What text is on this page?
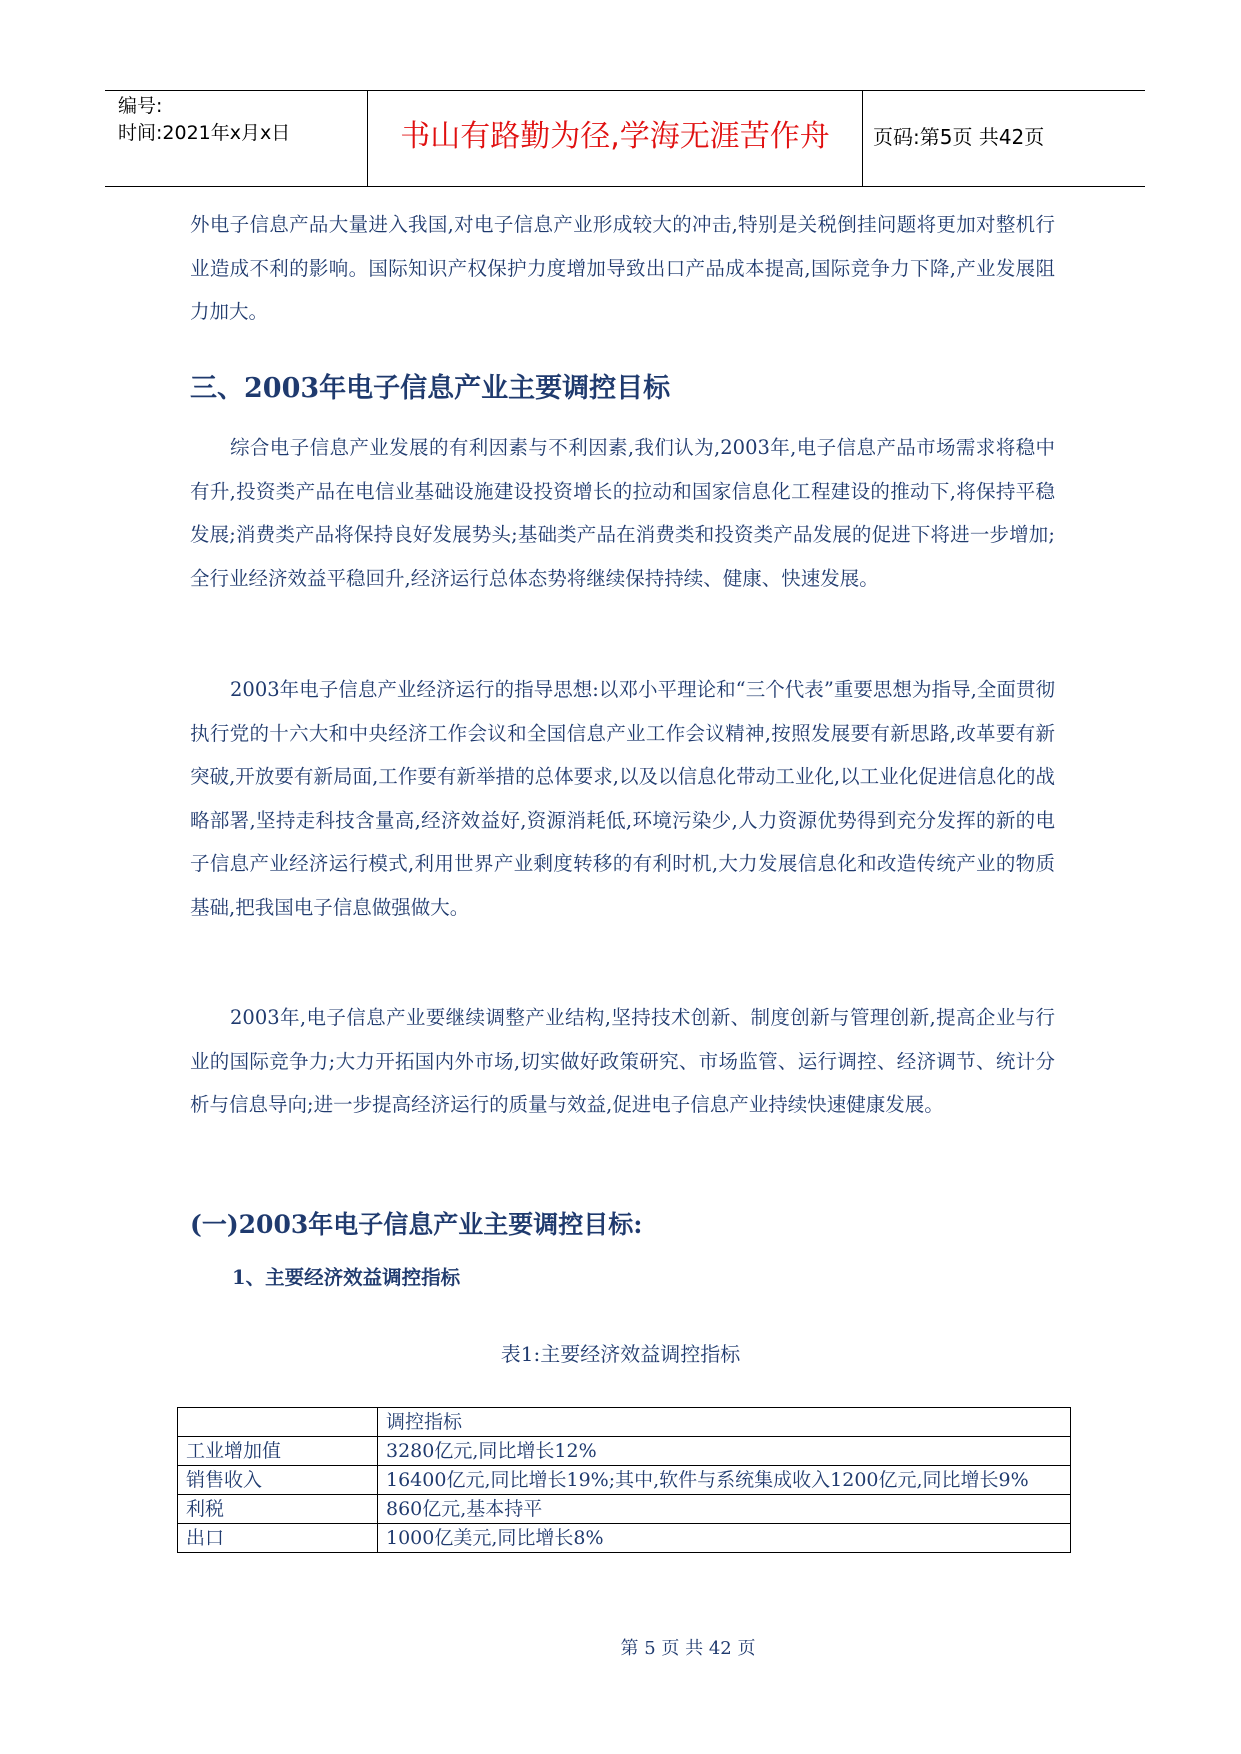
编号:
时间:2021年x月x日	书山有路勤为径,学海无涯苦作舟	页码:第5页 共42页

外电子信息产品大量进入我国,对电子信息产业形成较大的冲击,特别是关税倒挂问题将更加对整机行业造成不利的影响。国际知识产权保护力度增加导致出口产品成本提高,国际竞争力下降,产业发展阻力加大。

三、2003年电子信息产业主要调控目标

综合电子信息产业发展的有利因素与不利因素,我们认为,2003年,电子信息产品市场需求将稳中有升,投资类产品在电信业基础设施建设投资增长的拉动和国家信息化工程建设的推动下,将保持平稳发展;消费类产品将保持良好发展势头;基础类产品在消费类和投资类产品发展的促进下将进一步增加;全行业经济效益平稳回升,经济运行总体态势将继续保持持续、健康、快速发展。

2003年电子信息产业经济运行的指导思想:以邓小平理论和“三个代表”重要思想为指导,全面贯彻执行党的十六大和中央经济工作会议和全国信息产业工作会议精神,按照发展要有新思路,改革要有新突破,开放要有新局面,工作要有新举措的总体要求,以及以信息化带动工业化,以工业化促进信息化的战略部署,坚持走科技含量高,经济效益好,资源消耗低,环境污染少,人力资源优势得到充分发挥的新的电子信息产业经济运行模式,利用世界产业剩度转移的有利时机,大力发展信息化和改造传统产业的物质基础,把我国电子信息做强做大。

2003年,电子信息产业要继续调整产业结构,坚持技术创新、制度创新与管理创新,提高企业与行业的国际竞争力;大力开拓国内外市场,切实做好政策研究、市场监管、运行调控、经济调节、统计分析与信息导向;进一步提高经济运行的质量与效益,促进电子信息产业持续快速健康发展。

(一)2003年电子信息产业主要调控目标:
1、主要经济效益调控指标
表1:主要经济效益调控指标
	调控指标
工业增加值	3280亿元,同比增长12%
销售收入	16400亿元,同比增长19%;其中,软件与系统集成收入1200亿元,同比增长9%
利税	860亿元,基本持平
出口	1000亿美元,同比增长8%
第 5 页 共 42 页
